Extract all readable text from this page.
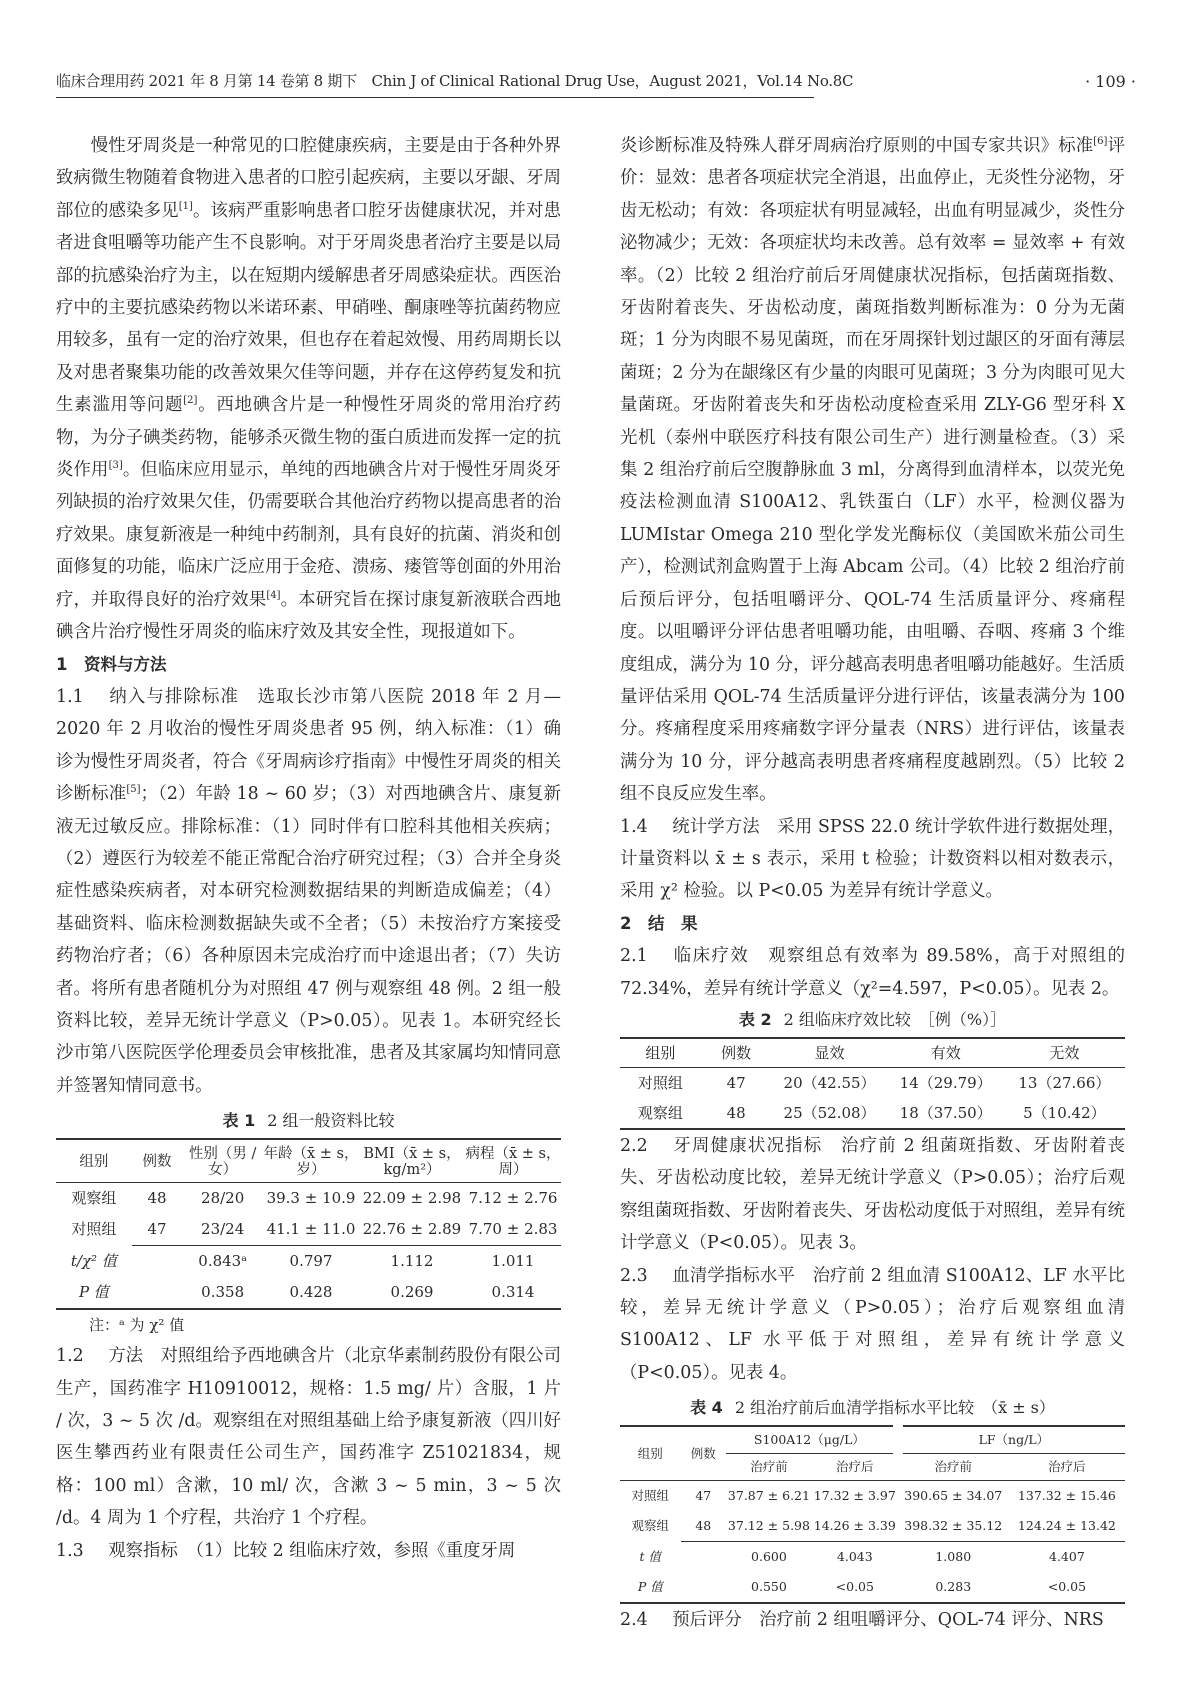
临床合理用药 2021 年 8 月第 14 卷第 8 期下　Chin J of Clinical Rational Drug Use，August 2021，Vol.14 No.8C	· 109 ·

慢性牙周炎是一种常见的口腔健康疾病，主要是由于各种外界致病微生物随着食物进入患者的口腔引起疾病，主要以牙龈、牙周部位的感染多见[1]。该病严重影响患者口腔牙齿健康状况，并对患者进食咀嚼等功能产生不良影响。对于牙周炎患者治疗主要是以局部的抗感染治疗为主，以在短期内缓解患者牙周感染症状。西医治疗中的主要抗感染药物以米诺环素、甲硝唑、酮康唑等抗菌药物应用较多，虽有一定的治疗效果，但也存在着起效慢、用药周期长以及对患者聚集功能的改善效果欠佳等问题，并存在这停药复发和抗生素滥用等问题[2]。西地碘含片是一种慢性牙周炎的常用治疗药物，为分子碘类药物，能够杀灭微生物的蛋白质进而发挥一定的抗炎作用[3]。但临床应用显示，单纯的西地碘含片对于慢性牙周炎牙列缺损的治疗效果欠佳，仍需要联合其他治疗药物以提高患者的治疗效果。康复新液是一种纯中药制剂，具有良好的抗菌、消炎和创面修复的功能，临床广泛应用于金疮、溃疡、瘘管等创面的外用治疗，并取得良好的治疗效果[4]。本研究旨在探讨康复新液联合西地碘含片治疗慢性牙周炎的临床疗效及其安全性，现报道如下。

1　资料与方法

1.1 纳入与排除标准　 选取长沙市第八医院 2018 年 2 月—2020 年 2 月收治的慢性牙周炎患者 95 例，纳入标准：（1）确诊为慢性牙周炎者，符合《牙周病诊疗指南》中慢性牙周炎的相关诊断标准[5]；（2）年龄 18 ~ 60 岁；（3）对西地碘含片、康复新液无过敏反应。排除标准：（1）同时伴有口腔科其他相关疾病；（2）遵医行为较差不能正常配合治疗研究过程；（3）合并全身炎症性感染疾病者，对本研究检测数据结果的判断造成偏差；（4）基础资料、临床检测数据缺失或不全者；（5）未按治疗方案接受药物治疗者；（6）各种原因未完成治疗而中途退出者；（7）失访者。将所有患者随机分为对照组 47 例与观察组 48 例。2 组一般资料比较，差异无统计学意义（P>0.05）。见表 1。本研究经长沙市第八医院医学伦理委员会审核批准，患者及其家属均知情同意并签署知情同意书。

表 1 2 组一般资料比较
组别	例数	性别（男 / 女）	年龄（x̄ ± s，岁）	BMI（x̄ ± s，kg/m²）	病程（x̄ ± s，周）
观察组	48	28/20	39.3 ± 10.9	22.09 ± 2.98	7.12 ± 2.76
对照组	47	23/24	41.1 ± 11.0	22.76 ± 2.89	7.70 ± 2.83
t/χ² 值		0.843ᵃ	0.797	1.112	1.011
P 值		0.358	0.428	0.269	0.314
注：ᵃ 为 χ² 值

1.2 方法　 对照组给予西地碘含片（北京华素制药股份有限公司生产，国药准字 H10910012，规格：1.5 mg/ 片）含服，1 片 / 次，3 ~ 5 次 /d。观察组在对照组基础上给予康复新液（四川好医生攀西药业有限责任公司生产，国药准字 Z51021834，规格：100 ml）含漱，10 ml/ 次，含漱 3 ~ 5 min，3 ~ 5 次 /d。4 周为 1 个疗程，共治疗 1 个疗程。

1.3 观察指标　 （1）比较 2 组临床疗效，参照《重度牙周

炎诊断标准及特殊人群牙周病治疗原则的中国专家共识》标准[6]评价：显效：患者各项症状完全消退，出血停止，无炎性分泌物，牙齿无松动；有效：各项症状有明显减轻，出血有明显减少，炎性分泌物减少；无效：各项症状均未改善。总有效率 = 显效率 + 有效率。（2）比较 2 组治疗前后牙周健康状况指标，包括菌斑指数、牙齿附着丧失、牙齿松动度，菌斑指数判断标准为：0 分为无菌斑；1 分为肉眼不易见菌斑，而在牙周探针划过龈区的牙面有薄层菌斑；2 分为在龈缘区有少量的肉眼可见菌斑；3 分为肉眼可见大量菌斑。牙齿附着丧失和牙齿松动度检查采用 ZLY-G6 型牙科 X 光机（泰州中联医疗科技有限公司生产）进行测量检查。（3）采集 2 组治疗前后空腹静脉血 3 ml，分离得到血清样本，以荧光免疫法检测血清 S100A12、乳铁蛋白（LF）水平，检测仪器为 LUMIstar Omega 210 型化学发光酶标仪（美国欧米茄公司生产），检测试剂盒购置于上海 Abcam 公司。（4）比较 2 组治疗前后预后评分，包括咀嚼评分、QOL-74 生活质量评分、疼痛程度。以咀嚼评分评估患者咀嚼功能，由咀嚼、吞咽、疼痛 3 个维度组成，满分为 10 分，评分越高表明患者咀嚼功能越好。生活质量评估采用 QOL-74 生活质量评分进行评估，该量表满分为 100 分。疼痛程度采用疼痛数字评分量表（NRS）进行评估，该量表满分为 10 分，评分越高表明患者疼痛程度越剧烈。（5）比较 2 组不良反应发生率。

1.4 统计学方法　 采用 SPSS 22.0 统计学软件进行数据处理，计量资料以 x̄ ± s 表示，采用 t 检验；计数资料以相对数表示，采用 χ² 检验。以 P<0.05 为差异有统计学意义。

2　结　果

2.1 临床疗效　 观察组总有效率为 89.58%，高于对照组的 72.34%，差异有统计学意义（χ²=4.597，P<0.05）。见表 2。

表 2 2 组临床疗效比较　［例（%）］
组别	例数	显效	有效	无效
对照组	47	20（42.55）	14（29.79）	13（27.66）
观察组	48	25（52.08）	18（37.50）	5（10.42）

2.2 牙周健康状况指标　 治疗前 2 组菌斑指数、牙齿附着丧失、牙齿松动度比较，差异无统计学意义（P>0.05）；治疗后观察组菌斑指数、牙齿附着丧失、牙齿松动度低于对照组，差异有统计学意义（P<0.05）。见表 3。

2.3 血清学指标水平　 治疗前 2 组血清 S100A12、LF 水平比较，差异无统计学意义（P>0.05）；治疗后观察组血清 S100A12、LF 水平低于对照组，差异有统计学意义（P<0.05）。见表 4。

表 4 2 组治疗前后血清学指标水平比较　（x̄ ± s）
组别	例数	S100A12（μg/L）		LF（ng/L）	
		治疗前	治疗后	治疗前	治疗后
对照组	47	37.87 ± 6.21	17.32 ± 3.97	390.65 ± 34.07	137.32 ± 15.46
观察组	48	37.12 ± 5.98	14.26 ± 3.39	398.32 ± 35.12	124.24 ± 13.42
t 值		0.600	4.043	1.080	4.407
P 值		0.550	<0.05	0.283	<0.05

2.4 预后评分　 治疗前 2 组咀嚼评分、QOL-74 评分、NRS
